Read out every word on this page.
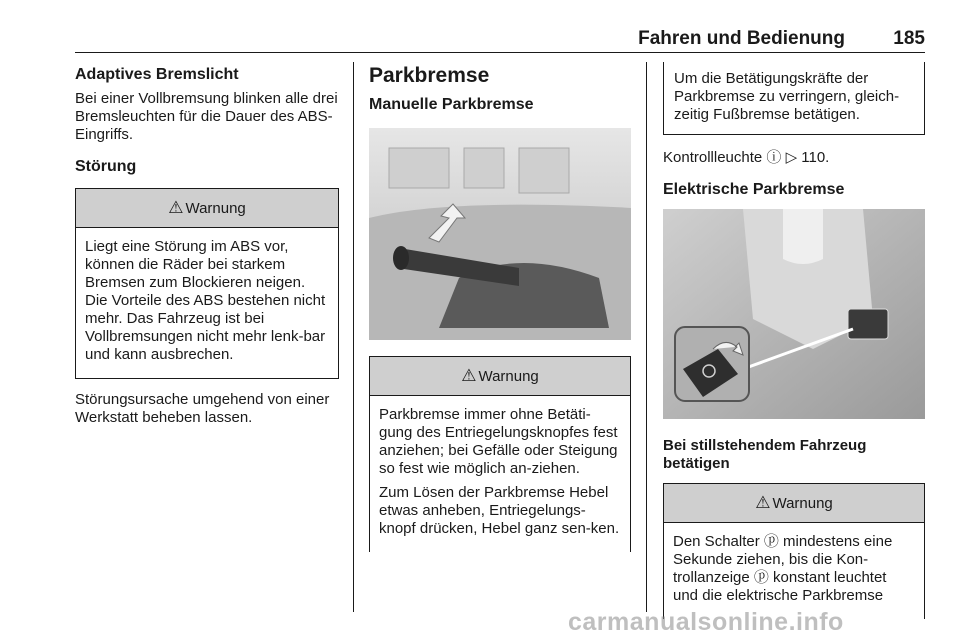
Fahren und Bedienung	185
Adaptives Bremslicht

Bei einer Vollbremsung blinken alle drei Bremsleuchten für die Dauer des ABS-Eingriffs.

Störung
⚠ Warnung

Liegt eine Störung im ABS vor, können die Räder bei starkem Bremsen zum Blockieren neigen. Die Vorteile des ABS bestehen nicht mehr. Das Fahrzeug ist bei Vollbremsungen nicht mehr lenk-bar und kann ausbrechen.

Störungsursache umgehend von einer Werkstatt beheben lassen.

Parkbremse
Manuelle Parkbremse
⚠ Warnung

Parkbremse immer ohne Betäti-gung des Entriegelungsknopfes fest anziehen; bei Gefälle oder Steigung so fest wie möglich an-ziehen.

Zum Lösen der Parkbremse Hebel etwas anheben, Entriegelungs-knopf drücken, Hebel ganz sen-ken.

Um die Betätigungskräfte der Parkbremse zu verringern, gleich-zeitig Fußbremse betätigen.

Kontrollleuchte ⓘ ▷ 110.

Elektrische Parkbremse
Bei stillstehendem Fahrzeug betätigen
⚠ Warnung

Den Schalter ⓟ mindestens eine Sekunde ziehen, bis die Kon-trollanzeige ⓟ konstant leuchtet und die elektrische Parkbremse

carmanualsonline.info
